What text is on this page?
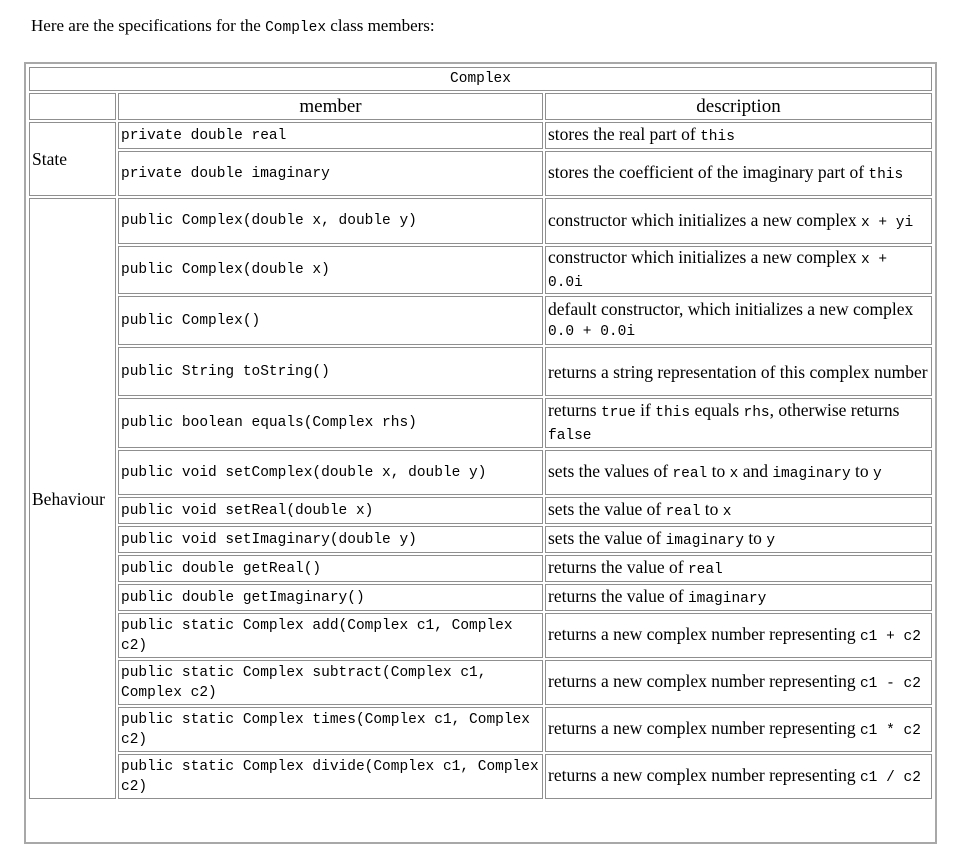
Here are the specifications for the Complex class members:
Complex		
	member	description
State	private double real	stores the real part of this
	private double imaginary	stores the coefficient of the imaginary part of this
Behaviour	public Complex(double x, double y)	constructor which initializes a new complex x + yi
	public Complex(double x)	constructor which initializes a new complex x + 0.0i
	public Complex()	default constructor, which initializes a new complex 0.0 + 0.0i
	public String toString()	returns a string representation of this complex number
	public boolean equals(Complex rhs)	returns true if this equals rhs, otherwise returns false
	public void setComplex(double x, double y)	sets the values of real to x and imaginary to y
	public void setReal(double x)	sets the value of real to x
	public void setImaginary(double y)	sets the value of imaginary to y
	public double getReal()	returns the value of real
	public double getImaginary()	returns the value of imaginary
	public static Complex add(Complex c1, Complex c2)	returns a new complex number representing c1 + c2
	public static Complex subtract(Complex c1, Complex c2)	returns a new complex number representing c1 - c2
	public static Complex times(Complex c1, Complex c2)	returns a new complex number representing c1 * c2
	public static Complex divide(Complex c1, Complex c2)	returns a new complex number representing c1 / c2
